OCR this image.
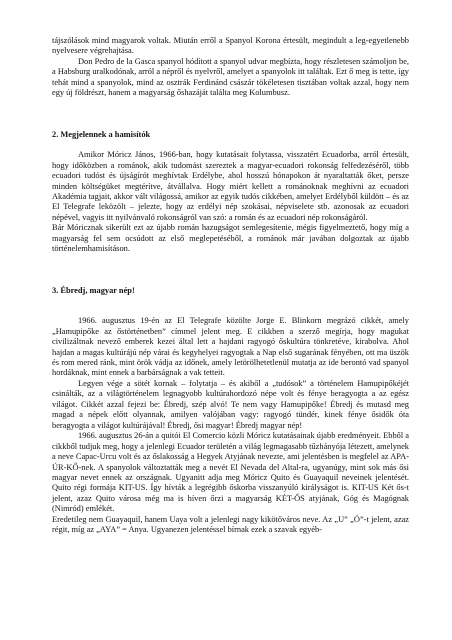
tájszólások mind magyarok voltak. Miután erről a Spanyol Korona értesült, megindult a leg-egyetlenebb nyelvesere végrehajtása.

Don Pedro de la Gasca spanyol hódított a spanyol udvar megbízta, hogy részletesen számoljon be, a Habsburg uralkodónak, arról a népről és nyelvről, amelyet a spanyolok itt találtak. Ezt ő meg is tette, így tehát mind a spanyolok, mind az osztrák Ferdinánd császár tökéletesen tisztában voltak azzal, hogy nem egy új földrészt, hanem a magyarság őshazáját találta meg Kolumbusz.

2. Megjelennek a hamisítók

Amikor Móricz János, 1966-ban, hogy kutatásait folytassa, visszatért Ecuadorba, arról értesült, hogy időközben a románok, akik tudomást szereztek a magyar-ecuadori rokonság felfedezéséről, több ecuadori tudóst és újságírót meghívtak Erdélybe, ahol hosszú hónapokon át nyaraltatták őket, persze minden költségüket megtérítve, átvállalva. Hogy miért kellett a románoknak meghívni az ecuadori Akadémia tagjait, akkor vált világossá, amikor az egyik tudós cikkében, amelyet Erdélyből küldött – és az El Telegrafe leközölt – jelezte, hogy az erdélyi nép szokásai, népviselete stb. azonosak az ecuadori népével, vagyis itt nyilvánvaló rokonságról van szó: a román és az ecuadori nép rokonságáról.

Bár Móricznak sikerült ezt az újabb román hazugságot semlegesítenie, mégis figyelmeztető, hogy míg a magyarság fel sem ocsúdott az első meglepetéséből, a románok már javában dolgoztak az újabb történelemhamisításon.

3. Ébredj, magyar nép!

1966. augusztus 19-én az El Telegrafe közölte Jorge E. Blinkorn megrázó cikkét, amely „Hamupipőke az őstörténetben” címmel jelent meg. E cikkben a szerző megírja, hogy magukat civilizáltnak nevező emberek kezei által lett a hajdani ragyogó őskultúra tönkretéve, kirabolva. Ahol hajdan a magas kultúrájú nép várai és kegyhelyei ragyogtak a Nap első sugarának fényében, ott ma üszök és rom mered ránk, mint örök vádja az időnek, amely letörölhetetlenül mutatja az ide berontó vad spanyol hordáknak, mint ennek a barbárságnak a vak tetteit.

Legyen vége a sötét kornak – folytatja – és akiből a „tudósok” a történelem Hamupipőkéjét csinálták, az a világtörténelem legnagyobb kultúrahordozó népe volt és fénye beragyogta a az egész világot. Cikkét azzal fejezi be: Ébredj, szép alvó! Te nem vagy Hamupipőke! Ébredj és mutasd meg magad a népek előtt olyannak, amilyen valójában vagy: ragyogó tündér, kinek fénye ősidők óta beragyogta a világot kultúrájával! Ébredj, ősi magyar! Ébredj magyar nép!

1966. augusztus 26-án a quitói El Comercio közli Móricz kutatásainak újabb eredményeit. Ebből a cikkből tudjuk meg, hogy a jelenlegi Ecuador területén a világ legmagasabb tűzhányója létezett, amelynek a neve Capac-Urcu volt és az őslakosság a Hegyek Atyjának nevezte, ami jelentésben is megfelel az APA-ÚR-KŐ-nek. A spanyolok változtatták meg a nevét El Nevada del Altal-ra, ugyanúgy, mint sok más ősi magyar nevet ennek az országnak. Ugyanitt adja meg Móricz Quito és Guayaquil neveinek jelentését. Quito régi formája KIT-US. Így hívták a legrégibb őskorba visszanyúló királyságot is. KIT-US Két ős-t jelent, azaz Quito városa még ma is híven őrzi a magyarság KÉT-ŐS atyjának, Góg és Magógnak (Nimród) emlékét.

Eredetileg nem Guayaquil, hanem Uaya volt a jelenlegi nagy kikötőváros neve. Az „U” „Ó”-t jelent, azaz régit, míg az „AYA” = Anya. Ugyanezen jelentéssel bírnak ezek a szavak egyéb-
